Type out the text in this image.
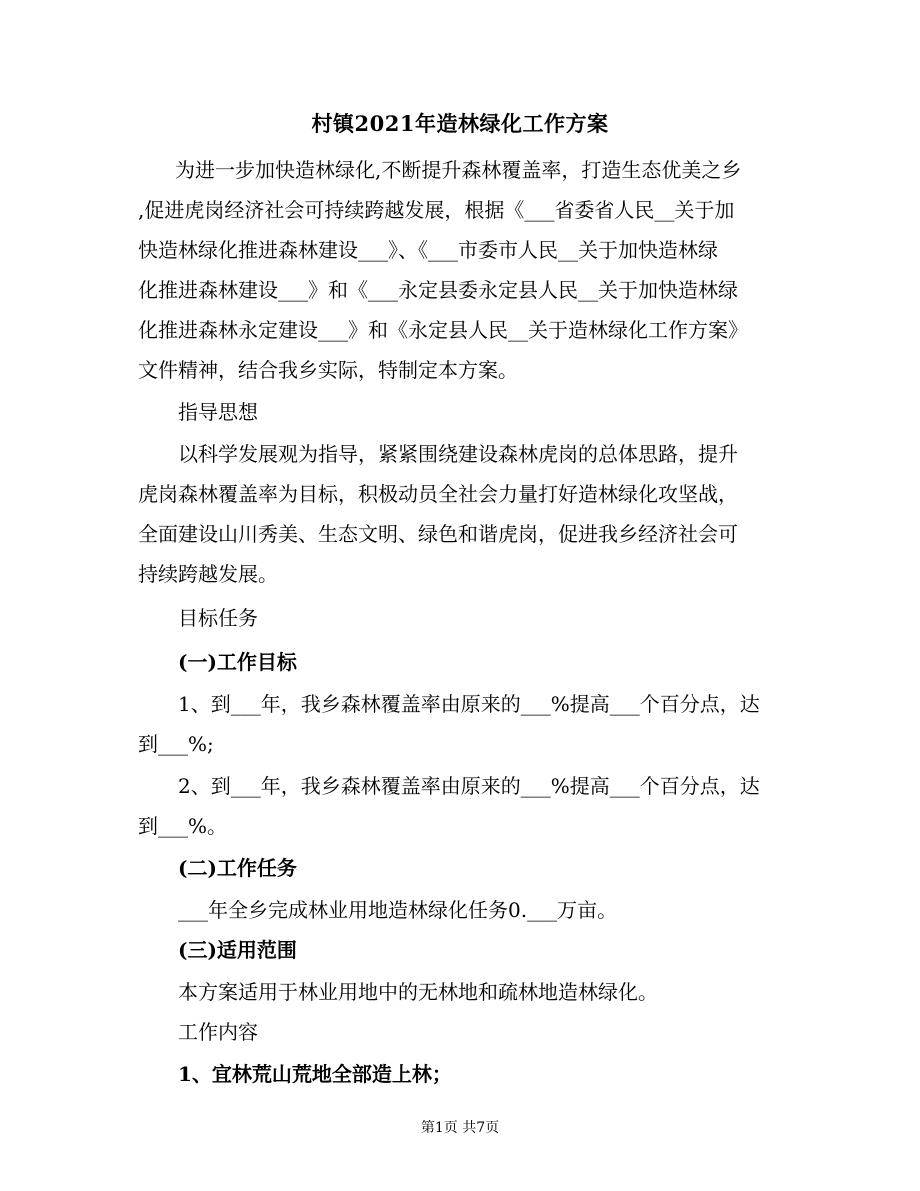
村镇2021年造林绿化工作方案
为进一步加快造林绿化,不断提升森林覆盖率，打造生态优美之乡
,促进虎岗经济社会可持续跨越发展，根据《___省委省人民__关于加
快造林绿化推进森林建设___》、《___市委市人民__关于加快造林绿
化推进森林建设___》和《___永定县委永定县人民__关于加快造林绿
化推进森林永定建设___》和《永定县人民__关于造林绿化工作方案》
文件精神，结合我乡实际，特制定本方案。
指导思想
以科学发展观为指导，紧紧围绕建设森林虎岗的总体思路，提升
虎岗森林覆盖率为目标，积极动员全社会力量打好造林绿化攻坚战，
全面建设山川秀美、生态文明、绿色和谐虎岗，促进我乡经济社会可
持续跨越发展。
目标任务
(一)工作目标
1、到___年，我乡森林覆盖率由原来的___%提高___个百分点，达
到___%;
2、到___年，我乡森林覆盖率由原来的___%提高___个百分点，达
到___%。
(二)工作任务
___年全乡完成林业用地造林绿化任务0.___万亩。
(三)适用范围
本方案适用于林业用地中的无林地和疏林地造林绿化。
工作内容
1、宜林荒山荒地全部造上林；
第1页 共7页
